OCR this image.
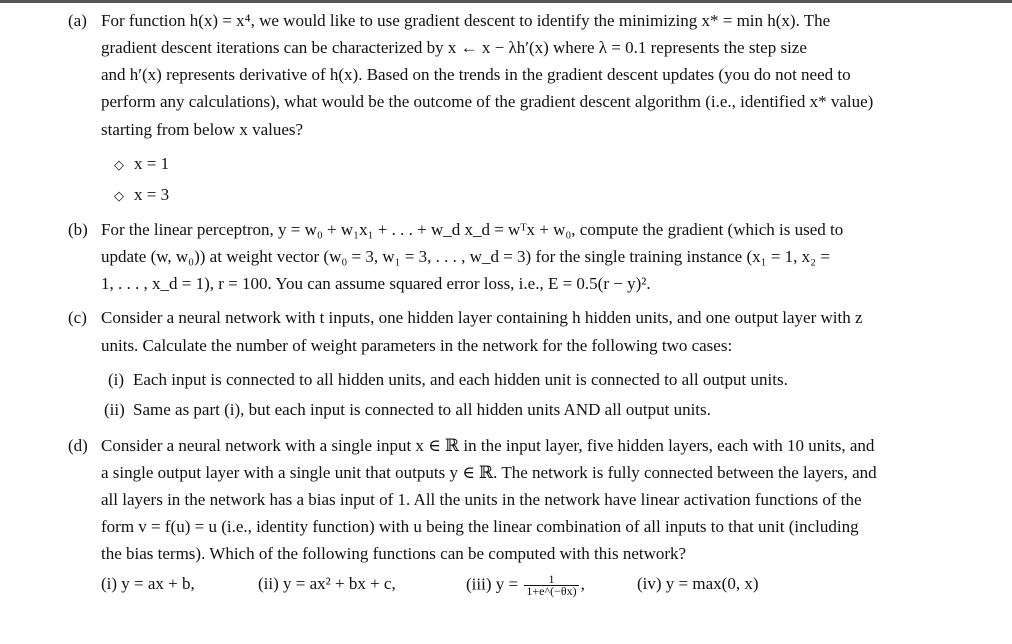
(a) For function h(x) = x⁴, we would like to use gradient descent to identify the minimizing x* = min h(x). The
gradient descent iterations can be characterized by x ← x − λh′(x) where λ = 0.1 represents the step size
and h′(x) represents derivative of h(x). Based on the trends in the gradient descent updates (you do not need to
perform any calculations), what would be the outcome of the gradient descent algorithm (i.e., identified x* value)
starting from below x values?
◇ x = 1
◇ x = 3
(b) For the linear perceptron, y = w₀ + w₁x₁ + . . . + w_d x_d = wᵀx + w₀, compute the gradient (which is used to
update (w, w₀)) at weight vector (w₀ = 3, w₁ = 3, . . . , w_d = 3) for the single training instance (x₁ = 1, x₂ =
1, . . . , x_d = 1), r = 100. You can assume squared error loss, i.e., E = 0.5(r − y)².
(c) Consider a neural network with t inputs, one hidden layer containing h hidden units, and one output layer with z
units. Calculate the number of weight parameters in the network for the following two cases:
(i) Each input is connected to all hidden units, and each hidden unit is connected to all output units.
(ii) Same as part (i), but each input is connected to all hidden units AND all output units.
(d) Consider a neural network with a single input x ∈ ℝ in the input layer, five hidden layers, each with 10 units, and
a single output layer with a single unit that outputs y ∈ ℝ. The network is fully connected between the layers, and
all layers in the network has a bias input of 1. All the units in the network have linear activation functions of the
form v = f(u) = u (i.e., identity function) with u being the linear combination of all inputs to that unit (including
the bias terms). Which of the following functions can be computed with this network?
(i) y = ax + b,	(ii) y = ax² + bx + c,	(iii) $y = \frac{1}{1+e\^{}(-\theta x)}$ ,	(iv) y = max(0, x)
